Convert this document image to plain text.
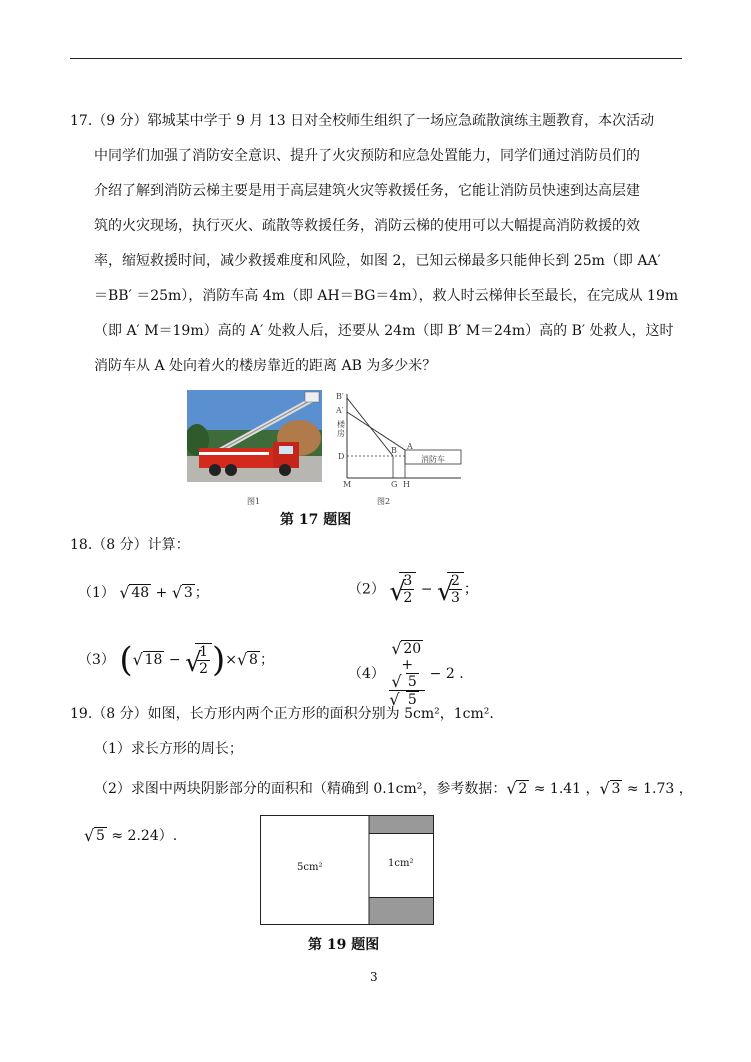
17.（9 分）郓城某中学于 9 月 13 日对全校师生组织了一场应急疏散演练主题教育，本次活动

中同学们加强了消防安全意识、提升了火灾预防和应急处置能力，同学们通过消防员们的

介绍了解到消防云梯主要是用于高层建筑火灾等救援任务，它能让消防员快速到达高层建

筑的火灾现场，执行灭火、疏散等救援任务，消防云梯的使用可以大幅提高消防救援的效

率，缩短救援时间，减少救援难度和风险，如图 2，已知云梯最多只能伸长到 25m（即 AA′

＝BB′ ＝25m），消防车高 4m（即 AH＝BG＝4m），救人时云梯伸长至最长，在完成从 19m

（即 A′ M＝19m）高的 A′ 处救人后，还要从 24m（即 B′ M＝24m）高的 B′ 处救人，这时

消防车从 A 处向着火的楼房靠近的距离 AB 为多少米？

图1
B′
A′
楼房
D
B A
消防车
M	G H
图2
第 17 题图
18.（8 分）计算：
（1） √ 48 + √ 3 ；	（2） √
$\frac{3}{2}$ − √
$\frac{2}{3}$ ；
（3） ( √ 18 − √
$\frac{1}{2}$ )× √ 8 ；
（4） √ 20
+
√ 5
√ 5 − 2 .
19.（8 分）如图，长方形内两个正方形的面积分别为 5cm²，1cm².
（1）求长方形的周长；
（2）求图中两块阴影部分的面积和（精确到 0.1cm²，参考数据： √ 2 ≈ 1.41 ， √ 3 ≈ 1.73 ，
√ 5 ≈ 2.24）.
5cm²	1cm²
第 19 题图
3
